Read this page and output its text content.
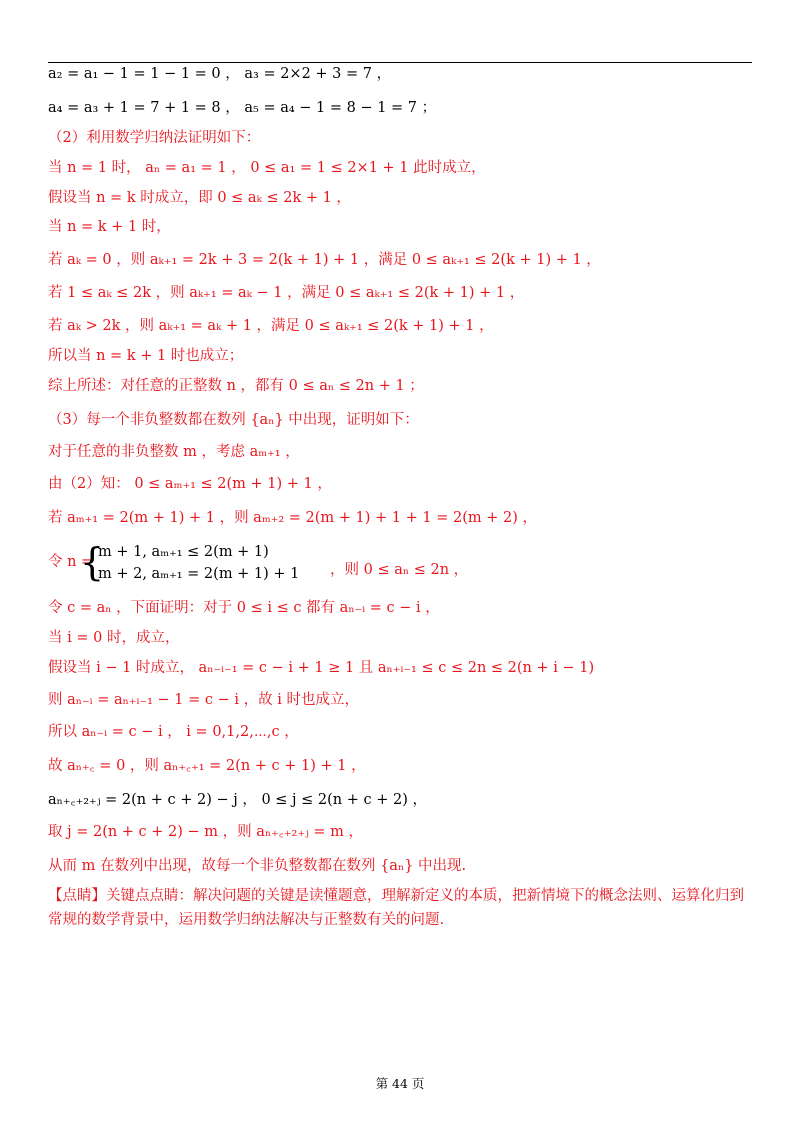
a₂ = a₁ − 1 = 1 − 1 = 0 ， a₃ = 2×2 + 3 = 7 ，
a₄ = a₃ + 1 = 7 + 1 = 8 ， a₅ = a₄ − 1 = 8 − 1 = 7 ；
（2）利用数学归纳法证明如下：
当 n = 1 时， aₙ = a₁ = 1 ， 0 ≤ a₁ = 1 ≤ 2×1 + 1 此时成立，
假设当 n = k 时成立，即 0 ≤ aₖ ≤ 2k + 1 ，
当 n = k + 1 时，
若 aₖ = 0 ，则 aₖ₊₁ = 2k + 3 = 2(k + 1) + 1 ，满足 0 ≤ aₖ₊₁ ≤ 2(k + 1) + 1 ，
若 1 ≤ aₖ ≤ 2k ，则 aₖ₊₁ = aₖ − 1 ，满足 0 ≤ aₖ₊₁ ≤ 2(k + 1) + 1 ，
若 aₖ > 2k ，则 aₖ₊₁ = aₖ + 1 ，满足 0 ≤ aₖ₊₁ ≤ 2(k + 1) + 1 ，
所以当 n = k + 1 时也成立；
综上所述：对任意的正整数 n ，都有 0 ≤ aₙ ≤ 2n + 1 ；
（3）每一个非负整数都在数列 {aₙ} 中出现，证明如下：
对于任意的非负整数 m ，考虑 aₘ₊₁ ，
由（2）知： 0 ≤ aₘ₊₁ ≤ 2(m + 1) + 1 ，
若 aₘ₊₁ = 2(m + 1) + 1 ，则 aₘ₊₂ = 2(m + 1) + 1 + 1 = 2(m + 2) ，
令 n =
{
m + 1, aₘ₊₁ ≤ 2(m + 1)
m + 2, aₘ₊₁ = 2(m + 1) + 1 ，则 0 ≤ aₙ ≤ 2n ，
令 c = aₙ ，下面证明：对于 0 ≤ i ≤ c 都有 aₙ₋ᵢ = c − i ，
当 i = 0 时，成立，
假设当 i − 1 时成立， aₙ₋ᵢ₋₁ = c − i + 1 ≥ 1 且 aₙ₊ᵢ₋₁ ≤ c ≤ 2n ≤ 2(n + i − 1)
则 aₙ₋ᵢ = aₙ₊ᵢ₋₁ − 1 = c − i ，故 i 时也成立，
所以 aₙ₋ᵢ = c − i ， i = 0,1,2,⋯,c ，
故 aₙ₊꜀ = 0 ，则 aₙ₊꜀₊₁ = 2(n + c + 1) + 1 ，
aₙ₊꜀₊₂₊ⱼ = 2(n + c + 2) − j ， 0 ≤ j ≤ 2(n + c + 2) ，
取 j = 2(n + c + 2) − m ，则 aₙ₊꜀₊₂₊ⱼ = m ，
从而 m 在数列中出现，故每一个非负整数都在数列 {aₙ} 中出现.
【点睛】关键点点睛：解决问题的关键是读懂题意，理解新定义的本质，把新情境下的概念法则、运算化归到常规的数学背景中，运用数学归纳法解决与正整数有关的问题.
第 44 页
